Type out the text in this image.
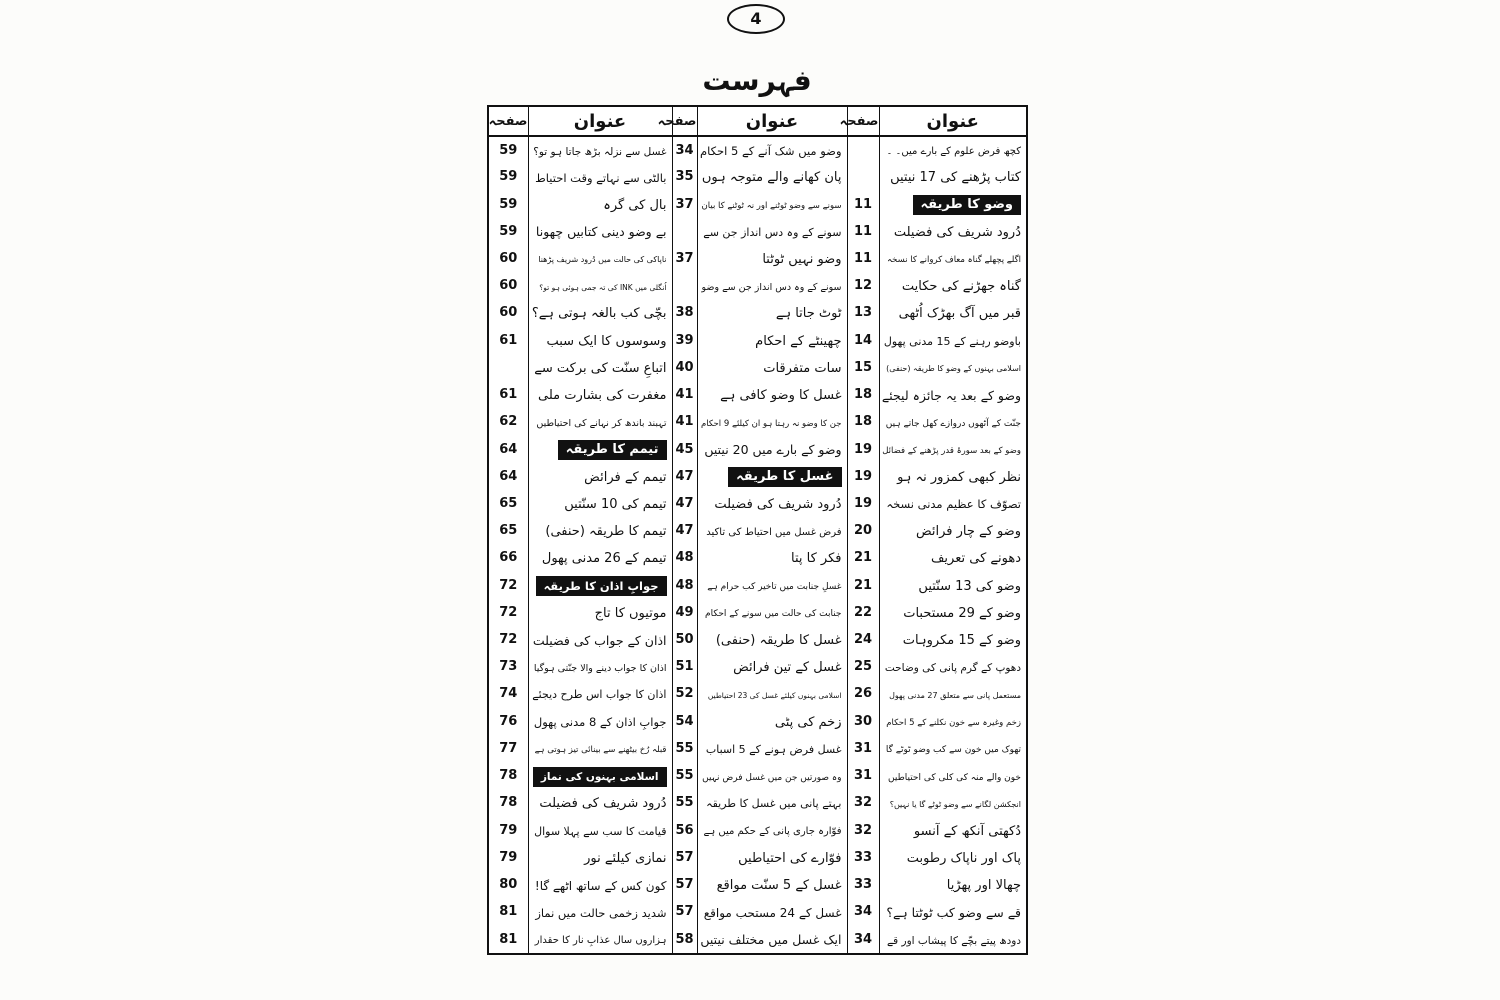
4
فہرست
عنوان	صفحہ	عنوان	صفحہ	عنوان	صفحہ
کچھ فرض علوم کے بارے میں۔ ۔		وضو میں شک آنے کے 5 احکام	34	غسل سے نزلہ بڑھ جاتا ہو تو؟	59
کتاب پڑھنے کی 17 نیتیں		پان کھانے والے متوجہ ہوں	35	بالٹی سے نہاتے وقت احتیاط	59
وضو کا طریقہ	11	سونے سے وضو ٹوٹنے اور نہ ٹوٹنے کا بیان	37	بال کی گرہ	59
دُرود شریف کی فضیلت	11	سونے کے وہ دس انداز جن سے		بے وضو دینی کتابیں چھونا	59
اگلے پچھلے گناہ معاف کروانے کا نسخہ	11	وضو نہیں ٹوٹتا	37	ناپاکی کی حالت میں دُرود شریف پڑھنا	60
گناہ جھڑنے کی حکایت	12	سونے کے وہ دس انداز جن سے وضو		اُنگلی میں INK کی تہ جمی ہوئی ہو تو؟	60
قبر میں آگ بھڑک اُٹھی	13	ٹوٹ جاتا ہے	38	بچّی کب بالغہ ہوتی ہے؟	60
باوضو رہنے کے 15 مدنی پھول	14	چھینٹے کے احکام	39	وسوسوں کا ایک سبب	61
اسلامی بہنوں کے وضو کا طریقہ (حنفی)	15	سات متفرقات	40	اتباعِ سنّت کی برکت سے	
وضو کے بعد یہ جائزہ لیجئے	18	غسل کا وضو کافی ہے	41	مغفرت کی بشارت ملی	61
جنّت کے آٹھوں دروازے کھل جاتے ہیں	18	جن کا وضو نہ رہتا ہو ان کیلئے 9 احکام	41	تہبند باندھ کر نہانے کی احتیاطیں	62
وضو کے بعد سورۂ قدر پڑھنے کے فضائل	19	وضو کے بارے میں 20 نیتیں	45	تیمم کا طریقہ	64
نظر کبھی کمزور نہ ہو	19	غسل کا طریقہ	47	تیمم کے فرائض	64
تصوّف کا عظیم مدنی نسخہ	19	دُرود شریف کی فضیلت	47	تیمم کی 10 سنّتیں	65
وضو کے چار فرائض	20	فرض غسل میں احتیاط کی تاکید	47	تیمم کا طریقہ (حنفی)	65
دھونے کی تعریف	21	فکر کا پتا	48	تیمم کے 26 مدنی پھول	66
وضو کی 13 سنّتیں	21	غسلِ جنابت میں تاخیر کب حرام ہے	48	جوابِ اذان کا طریقہ	72
وضو کے 29 مستحبات	22	جنابت کی حالت میں سونے کے احکام	49	موتیوں کا تاج	72
وضو کے 15 مکروہات	24	غسل کا طریقہ (حنفی)	50	اذان کے جواب کی فضیلت	72
دھوپ کے گرم پانی کی وضاحت	25	غسل کے تین فرائض	51	اذان کا جواب دینے والا جنّتی ہوگیا	73
مستعمل پانی سے متعلق 27 مدنی پھول	26	اسلامی بہنوں کیلئے غسل کی 23 احتیاطیں	52	اذان کا جواب اس طرح دیجئے	74
زخم وغیرہ سے خون نکلنے کے 5 احکام	30	زخم کی پٹی	54	جوابِ اذان کے 8 مدنی پھول	76
تھوک میں خون سے کب وضو ٹوٹے گا	31	غسل فرض ہونے کے 5 اسباب	55	قبلہ رُخ بیٹھنے سے بینائی تیز ہوتی ہے	77
خون والے منہ کی کلی کی احتیاطیں	31	وہ صورتیں جن میں غسل فرض نہیں	55	اسلامی بہنوں کی نماز	78
انجکشن لگانے سے وضو ٹوٹے گا یا نہیں؟	32	بہتے پانی میں غسل کا طریقہ	55	دُرود شریف کی فضیلت	78
دُکھتی آنکھ کے آنسو	32	فوّارہ جاری پانی کے حکم میں ہے	56	قیامت کا سب سے پہلا سوال	79
پاک اور ناپاک رطوبت	33	فوّارے کی احتیاطیں	57	نمازی کیلئے نور	79
چھالا اور پھڑیا	33	غسل کے 5 سنّت مواقع	57	کون کس کے ساتھ اٹھے گا!	80
قے سے وضو کب ٹوٹتا ہے؟	34	غسل کے 24 مستحب مواقع	57	شدید زخمی حالت میں نماز	81
دودھ پیتے بچّے کا پیشاب اور قے	34	ایک غسل میں مختلف نیتیں	58	ہزاروں سال عذابِ نار کا حقدار	81
